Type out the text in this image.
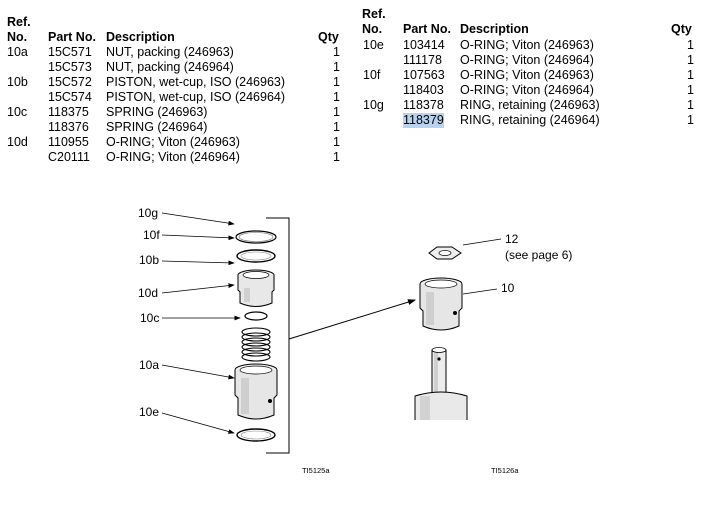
Ref.
No. Part No. Description	Qty
10a 15C571 NUT, packing (246963)	1
15C573 NUT, packing (246964)	1
10b 15C572 PISTON, wet-cup, ISO (246963)	1
15C574 PISTON, wet-cup, ISO (246964)	1
10c 118375 SPRING (246963)	1
118376 SPRING (246964)	1
10d 110955 O-RING; Viton (246963)	1
C20111 O-RING; Viton (246964)	1
Ref.
No. Part No. Description	Qty
10e 103414 O-RING; Viton (246963)	1
111178 O-RING; Viton (246964)	1
10f 107563 O-RING; Viton (246963)	1
118403 O-RING; Viton (246964)	1
10g 118378 RING, retaining (246963)	1
118379 RING, retaining (246964)	1
10g
10f
10b
10d
10c
10a
10e
TI5125a
12
(see page 6)
10
TI5126a
